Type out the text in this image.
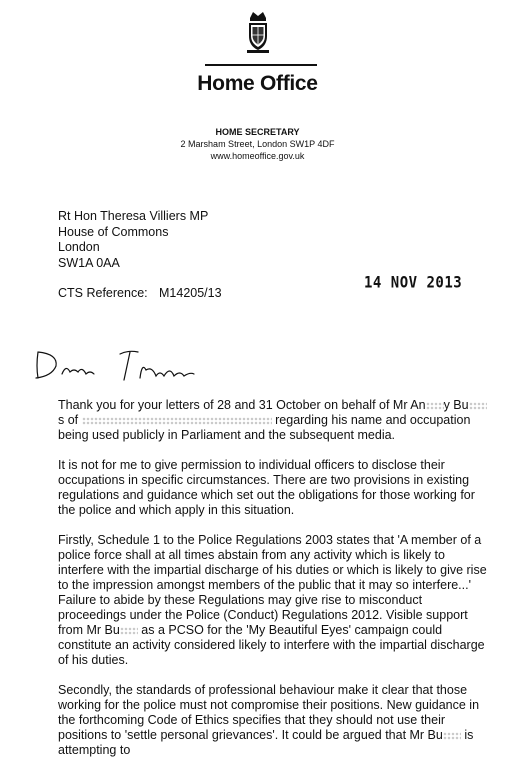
Home Office
HOME SECRETARY
2 Marsham Street, London SW1P 4DF
www.homeoffice.gov.uk
Rt Hon Theresa Villiers MP
House of Commons
London
SW1A 0AA
CTS Reference: M14205/13
14 NOV 2013

Thank you for your letters of 28 and 31 October on behalf of Mr An y Bus of	regarding his name and occupation being used publicly in Parliament and the subsequent media.

It is not for me to give permission to individual officers to disclose their occupations in specific circumstances. There are two provisions in existing regulations and guidance which set out the obligations for those working for the police and which apply in this situation.

Firstly, Schedule 1 to the Police Regulations 2003 states that 'A member of a police force shall at all times abstain from any activity which is likely to interfere with the impartial discharge of his duties or which is likely to give rise to the impression amongst members of the public that it may so interfere...' Failure to abide by these Regulations may give rise to misconduct proceedings under the Police (Conduct) Regulations 2012. Visible support from Mr Bu as a PCSO for the 'My Beautiful Eyes' campaign could constitute an activity considered likely to interfere with the impartial discharge of his duties.

Secondly, the standards of professional behaviour make it clear that those working for the police must not compromise their positions. New guidance in the forthcoming Code of Ethics specifies that they should not use their positions to 'settle personal grievances'. It could be argued that Mr Bu is attempting to
